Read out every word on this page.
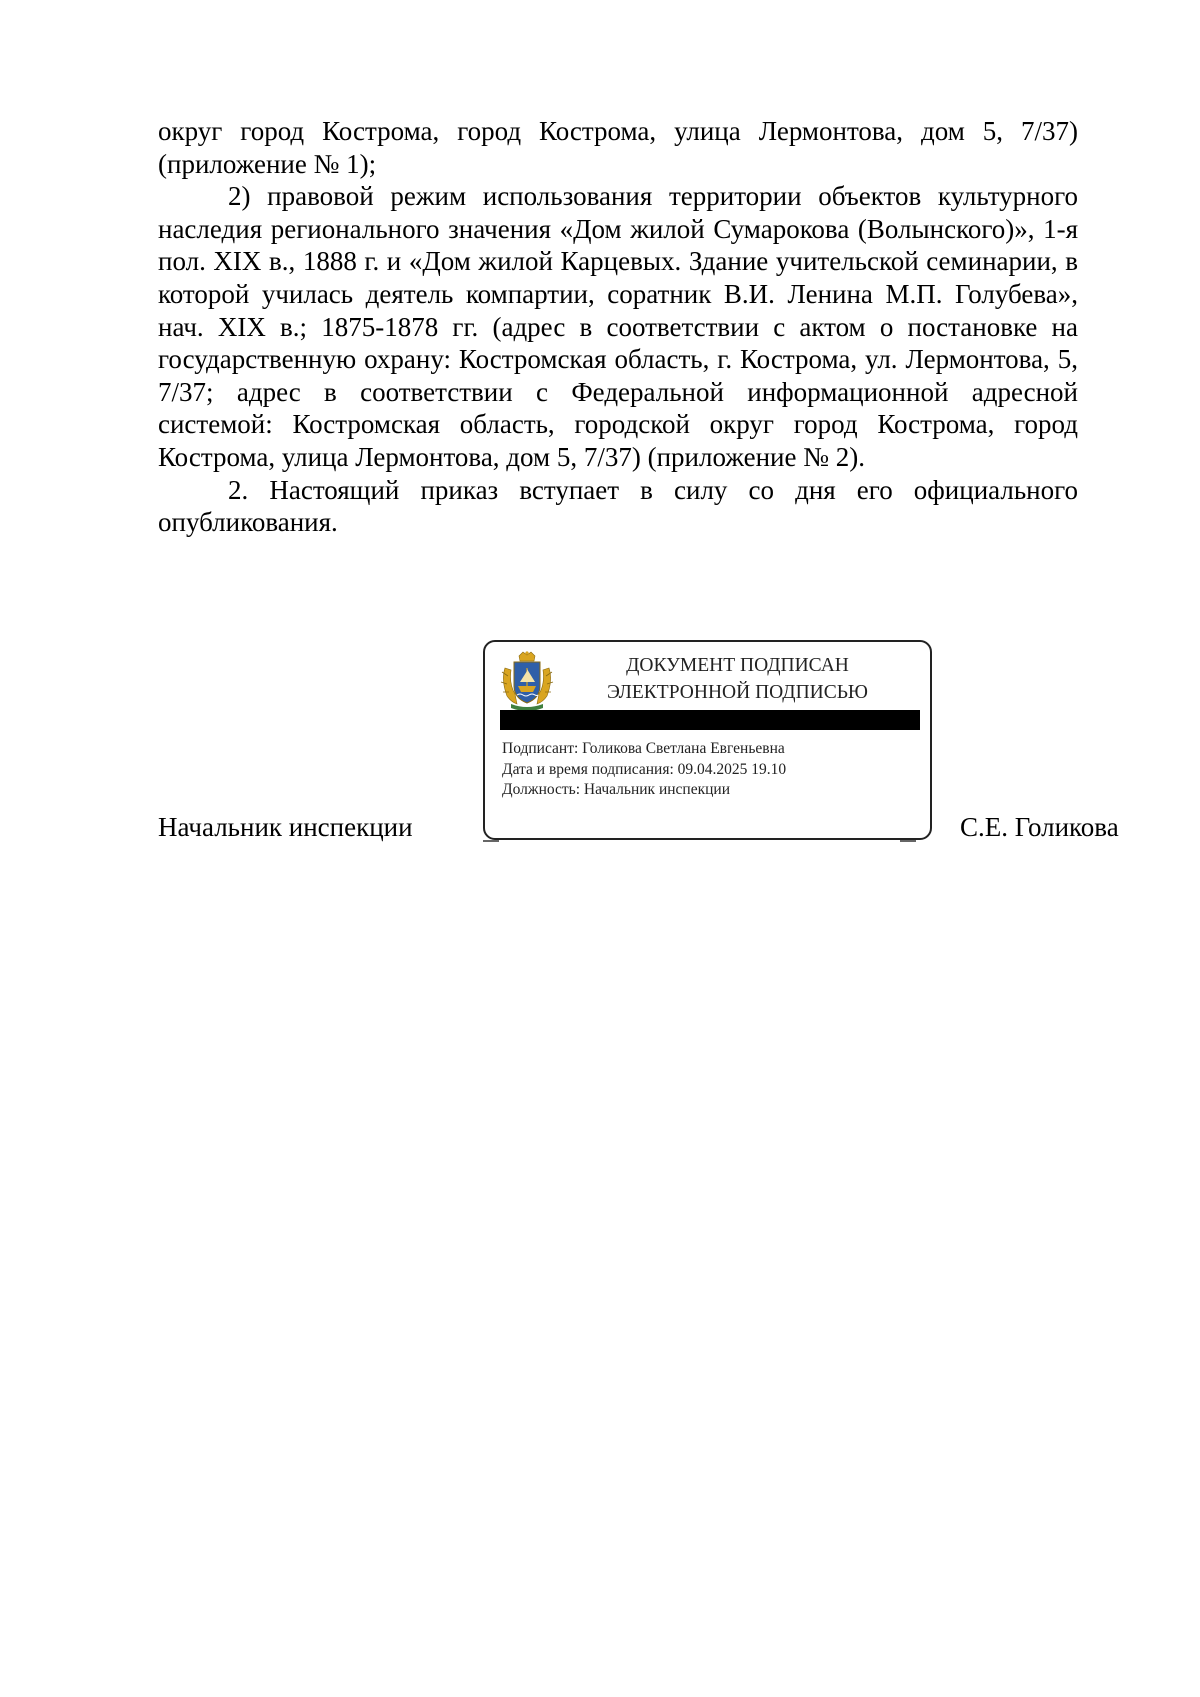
округ город Кострома, город Кострома, улица Лермонтова, дом 5, 7/37) (приложение № 1);

2) правовой режим использования территории объектов культурного наследия регионального значения «Дом жилой Сумарокова (Волынского)», 1-я пол. XIX в., 1888 г. и «Дом жилой Карцевых. Здание учительской семинарии, в которой училась деятель компартии, соратник В.И. Ленина М.П. Голубева», нач. XIX в.; 1875-1878 гг. (адрес в соответствии с актом о постановке на государственную охрану: Костромская область, г. Кострома, ул. Лермонтова, 5, 7/37; адрес в соответствии с Федеральной информационной адресной системой: Костромская область, городской округ город Кострома, город Кострома, улица Лермонтова, дом 5, 7/37) (приложение № 2).

2. Настоящий приказ вступает в силу со дня его официального опубликования.

ДОКУМЕНТ ПОДПИСАН
ЭЛЕКТРОННОЙ ПОДПИСЬЮ
Подписант: Голикова Светлана Евгеньевна
Дата и время подписания: 09.04.2025 19.10
Должность: Начальник инспекции
Начальник инспекции	С.Е. Голикова
